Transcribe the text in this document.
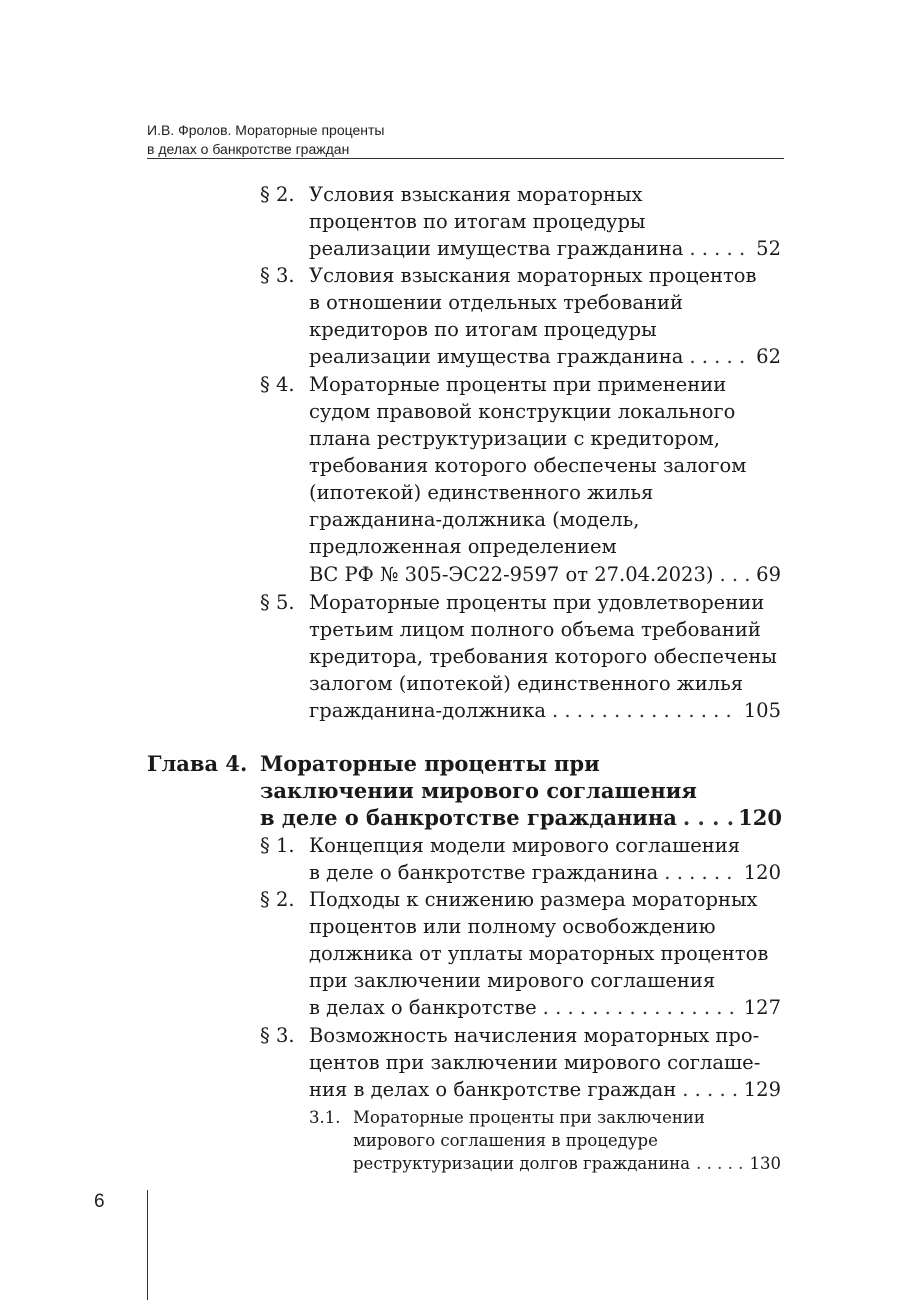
И.В. Фролов. Мораторные проценты
в делах о банкротстве граждан
§ 2. Условия взыскания мораторных
процентов по итогам процедуры
реализации имущества гражданина . . .	52
§ 3. Условия взыскания мораторных процентов
в отношении отдельных требований
кредиторов по итогам процедуры
реализации имущества гражданина . . .	62
§ 4. Мораторные проценты при применении
судом правовой конструкции локального
плана реструктуризации с кредитором,
требования которого обеспечены залогом
(ипотекой) единственного жилья
гражданина-должника (модель,
предложенная определением
ВС РФ № 305-ЭС22-9597 от 27.04.2023) . . . 69
§ 5. Мораторные проценты при удовлетворении
третьим лицом полного объема требований
кредитора, требования которого обеспечены
залогом (ипотекой) единственного жилья
гражданина-должника . . .	105
Глава 4. Мораторные проценты при
заключении мирового соглашения
в деле о банкротстве гражданина . . .	120
§ 1. Концепция модели мирового соглашения
в деле о банкротстве гражданина . . .	120
§ 2. Подходы к снижению размера мораторных
процентов или полному освобождению
должника от уплаты мораторных процентов
при заключении мирового соглашения
в делах о банкротстве . . .	127
§ 3. Возможность начисления мораторных про-
центов при заключении мирового соглаше-
ния в делах о банкротстве граждан . . .	129
3.1. Мораторные проценты при заключении
мирового соглашения в процедуре
реструктуризации долгов гражданина . . .	130
6
